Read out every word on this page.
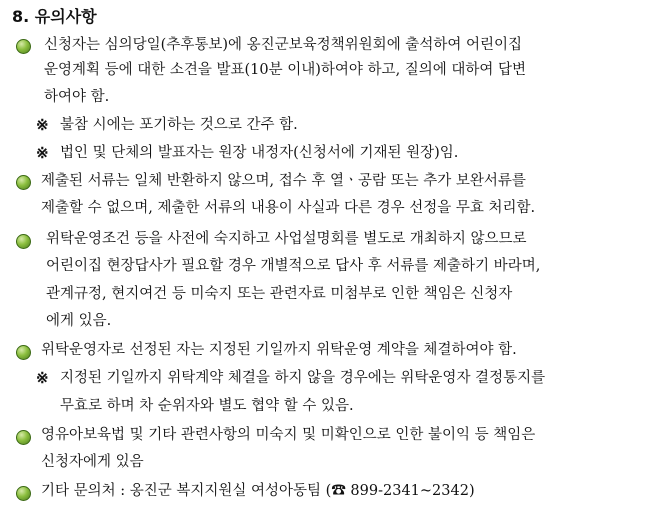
8. 유의사항
신청자는 심의당일(추후통보)에 옹진군보육정책위원회에 출석하여 어린이집
운영계획 등에 대한 소견을 발표(10분 이내)하여야 하고, 질의에 대하여 답변
하여야 함.
※ 불참 시에는 포기하는 것으로 간주 함.
※ 법인 및 단체의 발표자는 원장 내정자(신청서에 기재된 원장)임.
제출된 서류는 일체 반환하지 않으며, 접수 후 열ㆍ공람 또는 추가 보완서류를
제출할 수 없으며, 제출한 서류의 내용이 사실과 다른 경우 선정을 무효 처리함.
위탁운영조건 등을 사전에 숙지하고 사업설명회를 별도로 개최하지 않으므로
어린이집 현장답사가 필요할 경우 개별적으로 답사 후 서류를 제출하기 바라며,
관계규정, 현지여건 등 미숙지 또는 관련자료 미첨부로 인한 책임은 신청자
에게 있음.
위탁운영자로 선정된 자는 지정된 기일까지 위탁운영 계약을 체결하여야 함.
※ 지정된 기일까지 위탁계약 체결을 하지 않을 경우에는 위탁운영자 결정통지를
무효로 하며 차 순위자와 별도 협약 할 수 있음.
영유아보육법 및 기타 관련사항의 미숙지 및 미확인으로 인한 불이익 등 책임은
신청자에게 있음
기타 문의처 : 옹진군 복지지원실 여성아동팀 (☎ 899-2341~2342)
